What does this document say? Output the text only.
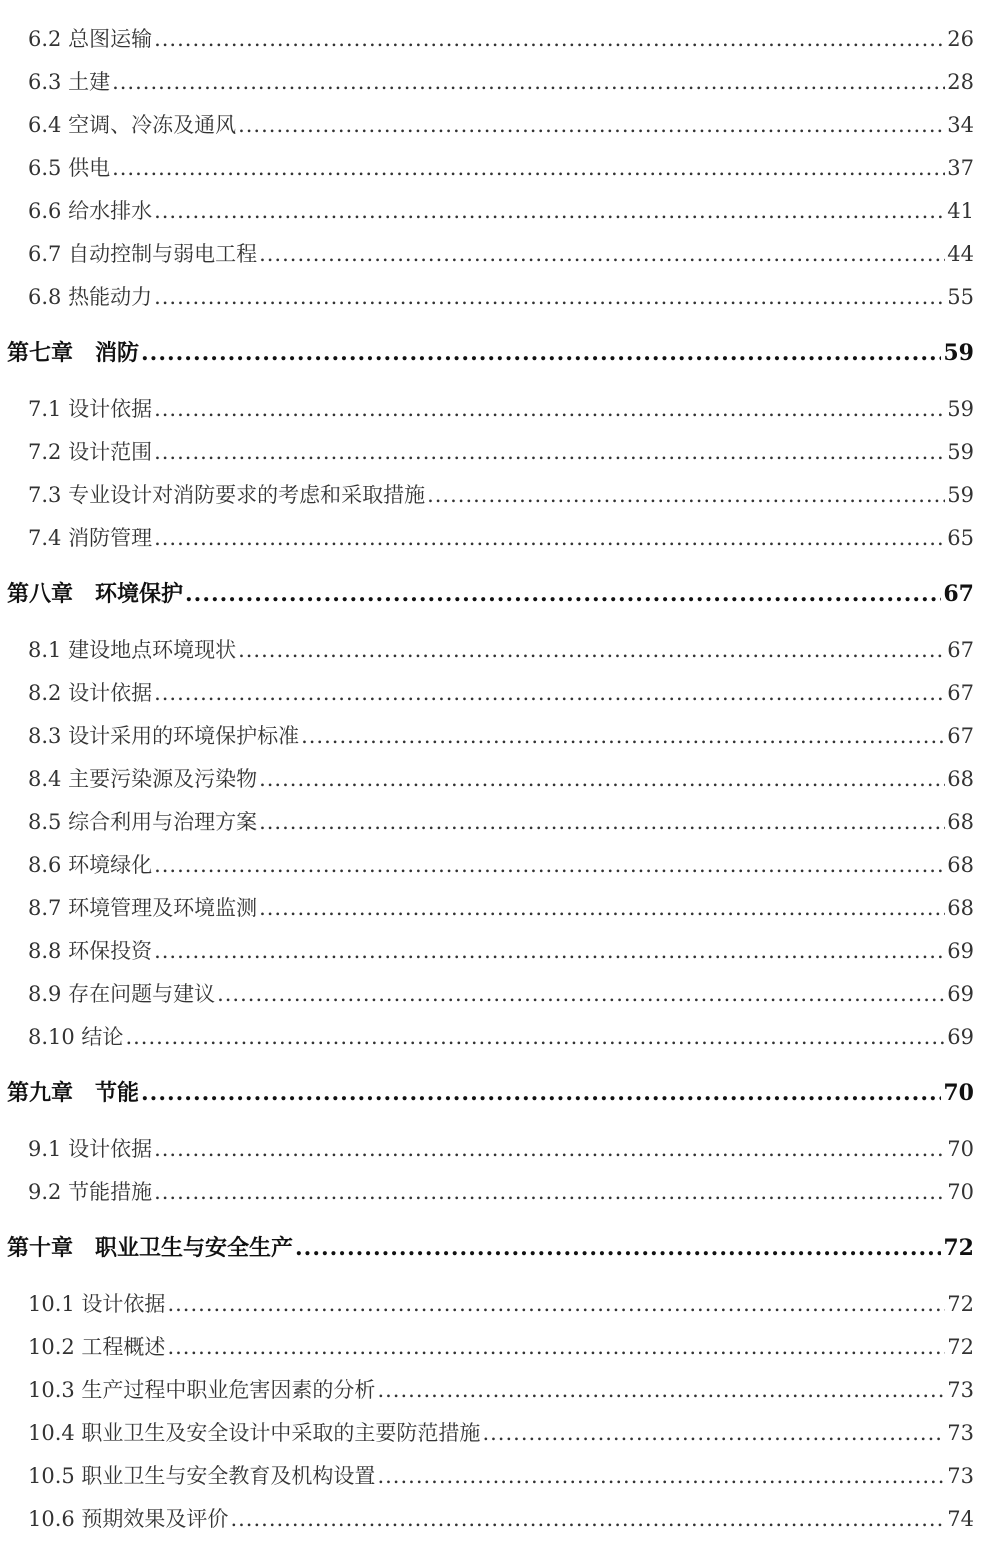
6.2 总图运输 .....	26
6.3 土建 .....	28
6.4 空调、冷冻及通风 .....	34
6.5 供电 .....	37
6.6 给水排水 .....	41
6.7 自动控制与弱电工程 .....	44
6.8 热能动力 .....	55
第七章　消防 .....	59
7.1 设计依据 .....	59
7.2 设计范围 .....	59
7.3 专业设计对消防要求的考虑和采取措施 .....	59
7.4 消防管理 .....	65
第八章　环境保护 .....	67
8.1 建设地点环境现状 .....	67
8.2 设计依据 .....	67
8.3 设计采用的环境保护标准 .....	67
8.4 主要污染源及污染物 .....	68
8.5 综合利用与治理方案 .....	68
8.6 环境绿化 .....	68
8.7 环境管理及环境监测 .....	68
8.8 环保投资 .....	69
8.9 存在问题与建议 .....	69
8.10 结论 .....	69
第九章　节能 .....	70
9.1 设计依据 .....	70
9.2 节能措施 .....	70
第十章　职业卫生与安全生产 .....	72
10.1 设计依据 .....	72
10.2 工程概述 .....	72
10.3 生产过程中职业危害因素的分析 .....	73
10.4 职业卫生及安全设计中采取的主要防范措施 .....	73
10.5 职业卫生与安全教育及机构设置 .....	73
10.6 预期效果及评价 .....	74
